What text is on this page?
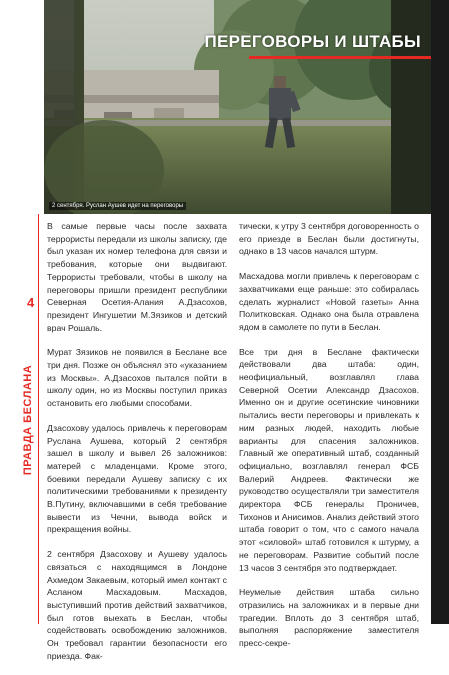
4
ПРАВДА БЕСЛАНА
ПЕРЕГОВОРЫ И ШТАБЫ
2 сентября. Руслан Аушев идет на переговоры

В самые первые часы после захвата террористы передали из школы записку, где был указан их номер телефона для связи и требования, которые они выдвигают. Террористы требовали, чтобы в школу на переговоры пришли президент республики Северная Осетия-Алания А.Дзасохов, президент Ингушетии М.Зязиков и детский врач Рошаль.

Мурат Зязиков не появился в Беслане все три дня. Позже он объяснял это «указанием из Москвы». А.Дзасохов пытался пойти в школу один, но из Москвы поступил приказ остановить его любыми способами.

Дзасохову удалось привлечь к переговорам Руслана Аушева, который 2 сентября зашел в школу и вывел 26 заложников: матерей с младенцами. Кроме этого, боевики передали Аушеву записку с их политическими требованиями к президенту В.Путину, включавшими в себя требование вывести из Чечни, вывода войск и прекращения войны.

2 сентября Дзасохову и Аушеву удалось связаться с находящимся в Лондоне Ахмедом Закаевым, который имел контакт с Асланом Масхадовым. Масхадов, выступивший против действий захватчиков, был готов выехать в Беслан, чтобы содействовать освобождению заложников. Он требовал гарантии безопасности его приезда. Фак-

тически, к утру 3 сентября договоренность о его приезде в Беслан были достигнуты, однако в 13 часов начался штурм.

Масхадова могли привлечь к переговорам с захватчиками еще раньше: это собиралась сделать журналист «Новой газеты» Анна Политковская. Однако она была отравлена ядом в самолете по пути в Беслан.

Все три дня в Беслане фактически действовали два штаба: один, неофициальный, возглавлял глава Северной Осетии Александр Дзасохов. Именно он и другие осетинские чиновники пытались вести переговоры и привлекать к ним разных людей, находить любые варианты для спасения заложников. Главный же оперативный штаб, созданный официально, возглавлял генерал ФСБ Валерий Андреев. Фактически же руководство осуществляли три заместителя директора ФСБ генералы Проничев, Тихонов и Анисимов. Анализ действий этого штаба говорит о том, что с самого начала этот «силовой» штаб готовился к штурму, а не переговорам. Развитие событий после 13 часов 3 сентября это подтверждает.

Неумелые действия штаба сильно отразились на заложниках и в первые дни трагедии. Вплоть до 3 сентября штаб, выполняя распоряжение заместителя пресс-секре-
